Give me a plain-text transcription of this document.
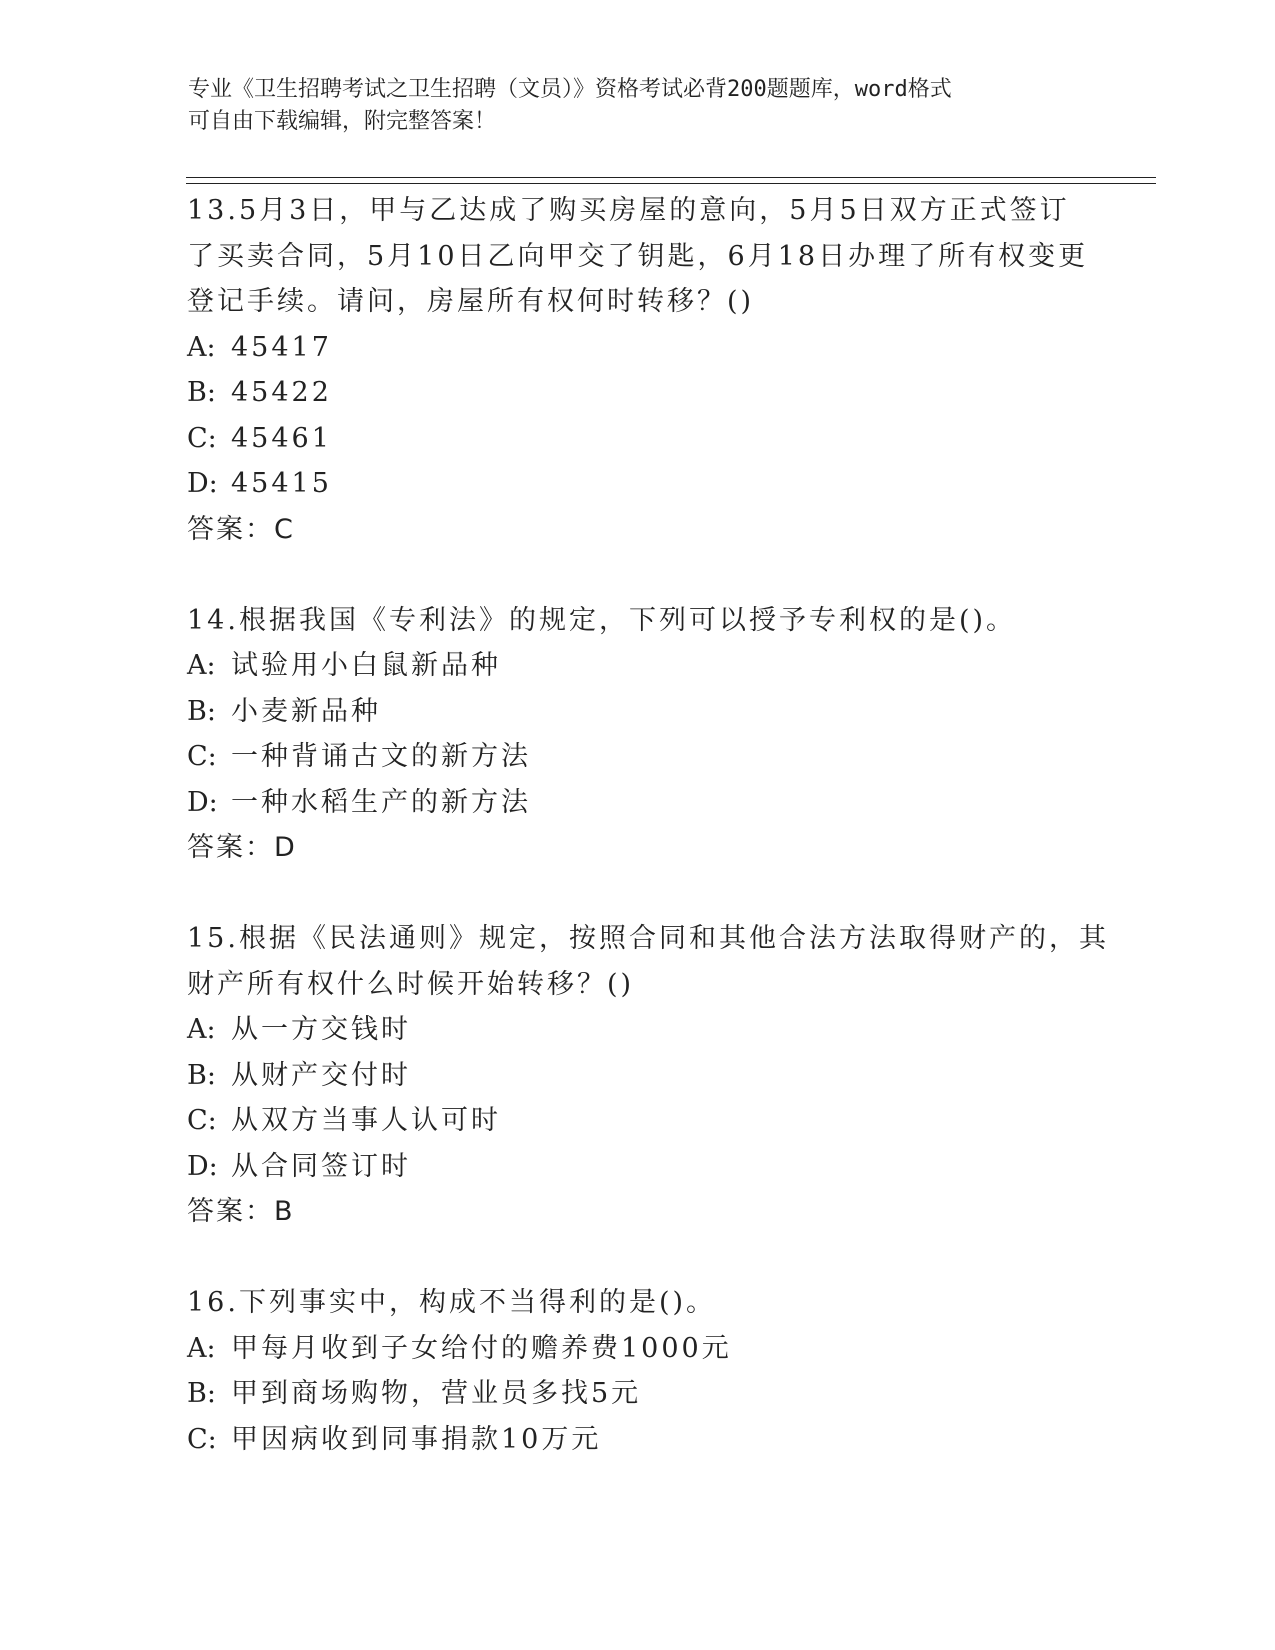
专业《卫生招聘考试之卫生招聘（文员）》资格考试必背200题题库，word格式
可自由下载编辑，附完整答案！
13.5月3日，甲与乙达成了购买房屋的意向，5月5日双方正式签订
了买卖合同，5月10日乙向甲交了钥匙，6月18日办理了所有权变更
登记手续。请问，房屋所有权何时转移？()
A: 45417
B: 45422
C: 45461
D: 45415
答案：C
14.根据我国《专利法》的规定，下列可以授予专利权的是()。
A: 试验用小白鼠新品种
B: 小麦新品种
C: 一种背诵古文的新方法
D: 一种水稻生产的新方法
答案：D
15.根据《民法通则》规定，按照合同和其他合法方法取得财产的，其
财产所有权什么时候开始转移？()
A: 从一方交钱时
B: 从财产交付时
C: 从双方当事人认可时
D: 从合同签订时
答案：B
16.下列事实中，构成不当得利的是()。
A: 甲每月收到子女给付的赡养费1000元
B: 甲到商场购物，营业员多找5元
C: 甲因病收到同事捐款10万元
